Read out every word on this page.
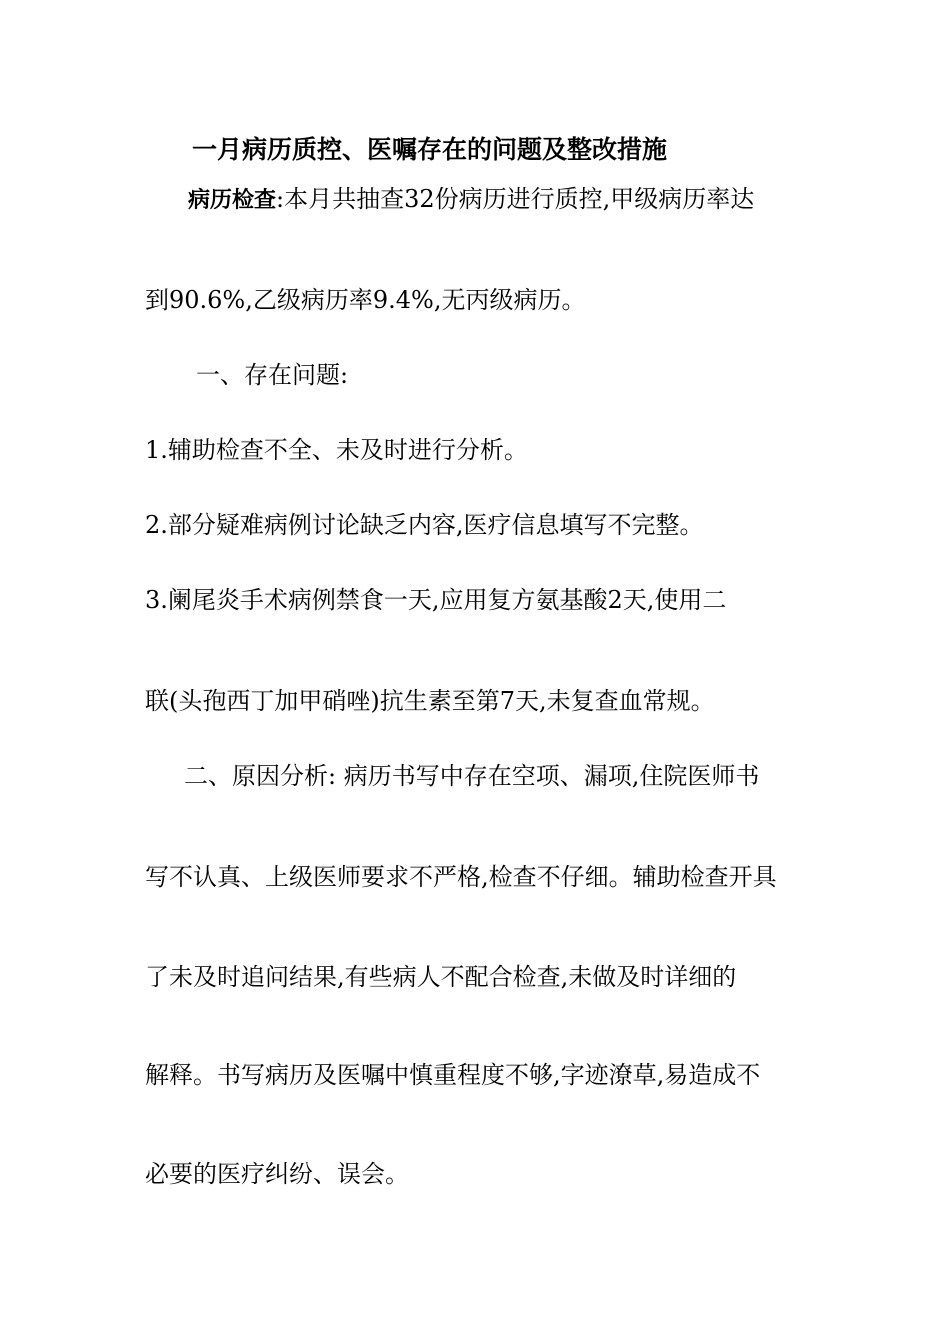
一月病历质控、医嘱存在的问题及整改措施
病历检查:本月共抽查32份病历进行质控,甲级病历率达
到90.6%,乙级病历率9.4%,无丙级病历。
一、存在问题:
1.辅助检查不全、未及时进行分析。
2.部分疑难病例讨论缺乏内容,医疗信息填写不完整。
3.阑尾炎手术病例禁食一天,应用复方氨基酸2天,使用二
联(头孢西丁加甲硝唑)抗生素至第7天,未复查血常规。
二、原因分析: 病历书写中存在空项、漏项,住院医师书
写不认真、上级医师要求不严格,检查不仔细。辅助检查开具
了未及时追问结果,有些病人不配合检查,未做及时详细的
解释。书写病历及医嘱中慎重程度不够,字迹潦草,易造成不
必要的医疗纠纷、误会。
